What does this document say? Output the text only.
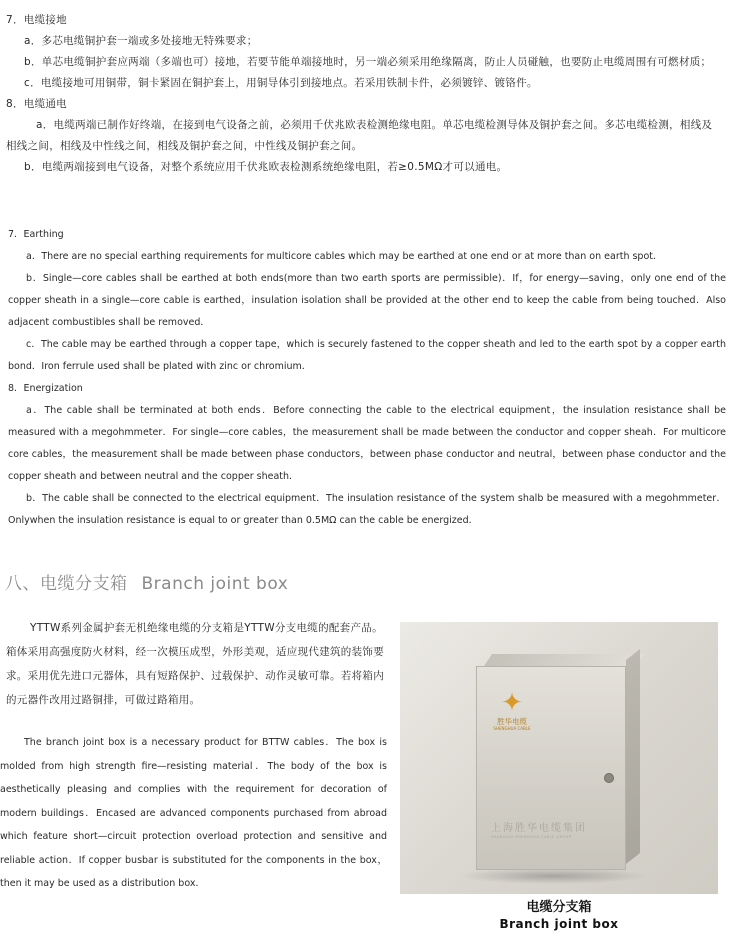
7．电缆接地

a．多芯电缆铜护套一端或多处接地无特殊要求；

b．单芯电缆铜护套应两端（多端也可）接地，若要节能单端接地时，另一端必须采用绝缘隔离，防止人员碰触，也要防止电缆周围有可燃材质；

c．电缆接地可用铜带，铜卡紧固在铜护套上，用铜导体引到接地点。若采用铁制卡件，必须镀锌、镀铬件。

8．电缆通电

a．电缆两端已制作好终端，在接到电气设备之前，必须用千伏兆欧表检测绝缘电阻。单芯电缆检测导体及铜护套之间。多芯电缆检测，相线及相线之间，相线及中性线之间，相线及铜护套之间，中性线及铜护套之间。

b．电缆两端接到电气设备，对整个系统应用千伏兆欧表检测系统绝缘电阻，若≥0.5MΩ才可以通电。

7．Earthing

a．There are no special earthing requirements for multicore cables which may be earthed at one end or at more than on earth spot．

b．Single—core cables shall be earthed at both ends(more than two earth sports are permissible)．If，for energy—saving，only one end of the copper sheath in a single—core cable is earthed，insulation isolation shall be provided at the other end to keep the cable from being touched．Also adjacent combustibles shall be removed．

c．The cable may be earthed through a copper tape，which is securely fastened to the copper sheath and led to the earth spot by a copper earth bond．Iron ferrule used shall be plated with zinc or chromium．

8．Energization

a．The cable shall be terminated at both ends．Before connecting the cable to the electrical equipment，the insulation resistance shall be measured with a megohmmeter．For single—core cables，the measurement shall be made between the conductor and copper sheah．For multicore core cables，the measurement shall be made between phase conductors，between phase conductor and neutral，between phase conductor and the copper sheath and between neutral and the copper sheath．

b．The cable shall be connected to the electrical equipment．The insulation resistance of the system shalb be measured with a megohmmeter．Onlywhen the insulation resistance is equal to or greater than 0.5MΩ can the cable be energized．

八、电缆分支箱 Branch joint box

YTTW系列金属护套无机绝缘电缆的分支箱是YTTW分支电缆的配套产品。箱体采用高强度防火材料，经一次模压成型，外形美观，适应现代建筑的装饰要求。采用优先进口元器体，具有短路保护、过载保护、动作灵敏可靠。若将箱内的元器件改用过路铜排，可做过路箱用。

The branch joint box is a necessary product for BTTW cables．The box is molded from high strength fire—resisting material．The body of the box is aesthetically pleasing and complies with the requirement for decoration of modern buildings．Encased are advanced components purchased from abroad which feature short—circuit protection overload protection and sensitive and reliable action．If copper busbar is substituted for the components in the box，then it may be used as a distribution box．

✦
胜华电缆
SHENGHUA CABLE
上海胜华电缆集团
SHANGHAI SHENGHUA CABLE GROUP

电缆分支箱

Branch joint box
